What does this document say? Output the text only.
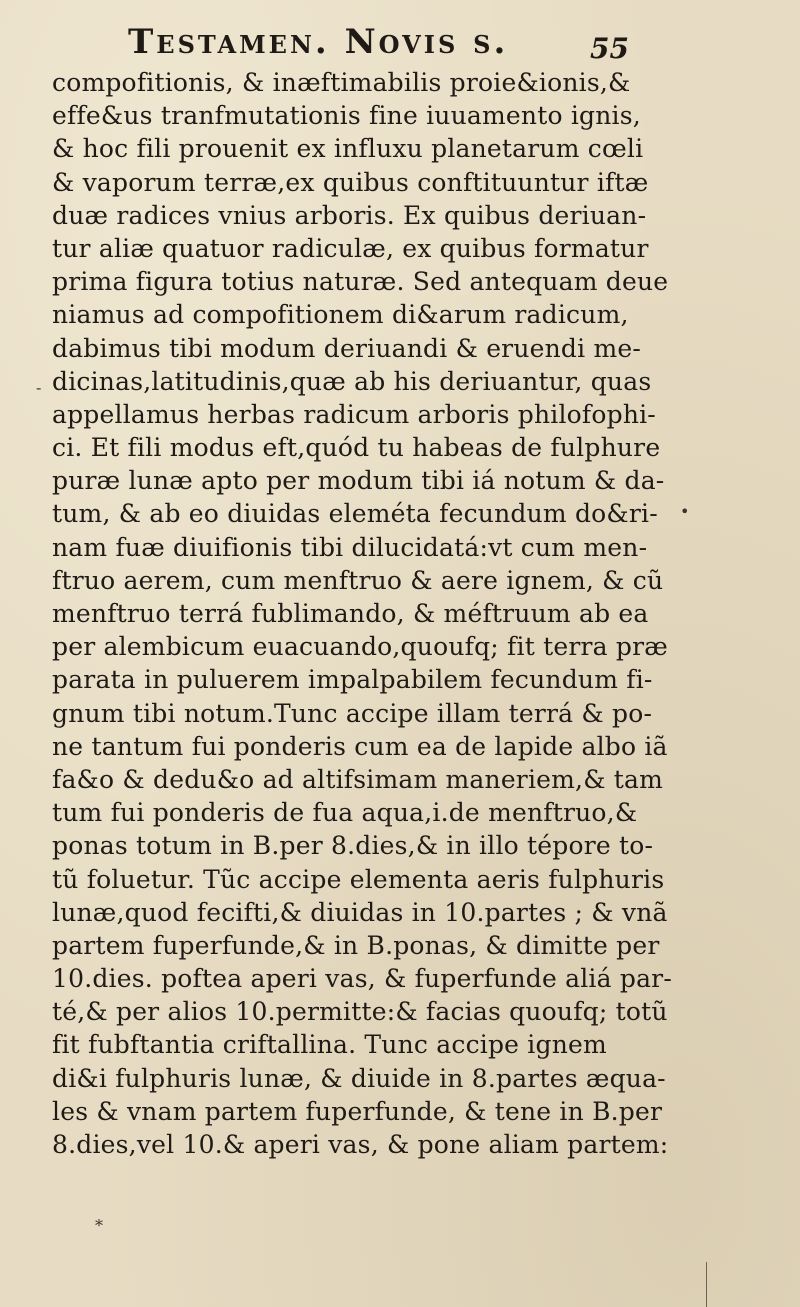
Testamen. Novis s.	55
compofitionis, & inæftimabilis proie&ionis,&
effe&us tranfmutationis fine iuuamento ignis,
& hoc fili prouenit ex influxu planetarum cœli
& vaporum terræ,ex quibus conftituuntur iftæ
duæ radices vnius arboris. Ex quibus deriuan-
tur aliæ quatuor radiculæ, ex quibus formatur
prima figura totius naturæ. Sed antequam deue
niamus ad compofitionem di&arum radicum,
dabimus tibi modum deriuandi & eruendi me-
dicinas,latitudinis,quæ ab his deriuantur, quas
appellamus herbas radicum arboris philofophi-
ci. Et fili modus eft,quód tu habeas de fulphure
puræ lunæ apto per modum tibi iá notum & da-
tum, & ab eo diuidas eleméta fecundum do&ri-
nam fuæ diuifionis tibi dilucidatá:vt cum men-
ftruo aerem, cum menftruo & aere ignem, & cũ
menftruo terrá fublimando, & méftruum ab ea
per alembicum euacuando,quoufq; fit terra præ
parata in puluerem impalpabilem fecundum fi-
gnum tibi notum.Tunc accipe illam terrá & po-
ne tantum fui ponderis cum ea de lapide albo iã
fa&o & dedu&o ad altifsimam maneriem,& tam
tum fui ponderis de fua aqua,i.de menftruo,&
ponas totum in B.per 8.dies,& in illo tépore to-
tũ foluetur. Tũc accipe elementa aeris fulphuris
lunæ,quod fecifti,& diuidas in 10.partes ; & vnã
partem fuperfunde,& in B.ponas, & dimitte per
10.dies. poftea aperi vas, & fuperfunde aliá par-
té,& per alios 10.permitte:& facias quoufq; totũ
fit fubftantia criftallina. Tunc accipe ignem
di&i fulphuris lunæ, & diuide in 8.partes æqua-
les & vnam partem fuperfunde, & tene in B.per
8.dies,vel 10.& aperi vas, & pone aliam partem:
-
•
*
